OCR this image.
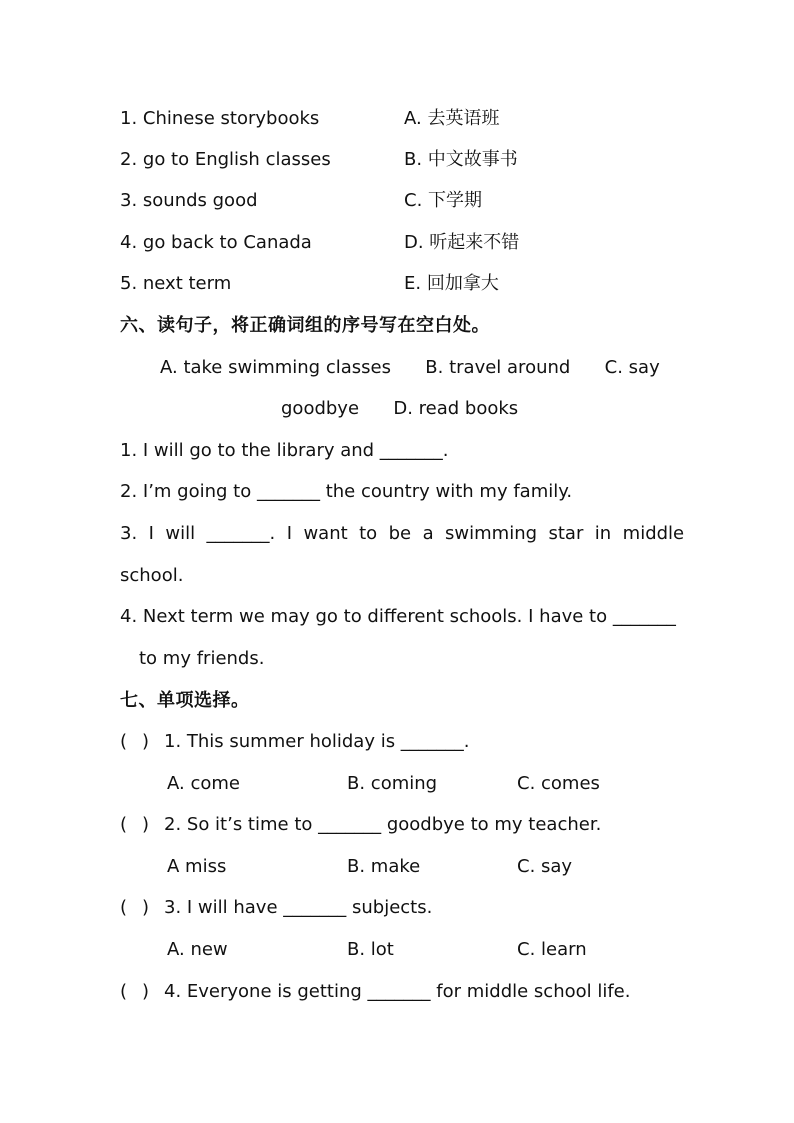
1. Chinese storybooks	A. 去英语班
2. go to English classes	B. 中文故事书
3. sounds good	C. 下学期
4. go back to Canada	D. 听起来不错
5. next term	E. 回加拿大
六、读句子，将正确词组的序号写在空白处。
A. take swimming classes      B. travel around      C. say
goodbye      D. read books
1. I will go to the library and _______.
2. I’m going to _______ the country with my family.
3.  I  will  _______.  I  want  to  be  a  swimming  star  in  middle
school.
4. Next term we may go to different schools. I have to _______
to my friends.
七、单项选择。
( ) 1. This summer holiday is _______.
A. come	B. coming	C. comes
( ) 2. So it’s time to _______ goodbye to my teacher.
A miss	B. make	C. say
( ) 3. I will have _______ subjects.
A. new	B. lot	C. learn
( ) 4. Everyone is getting _______ for middle school life.
